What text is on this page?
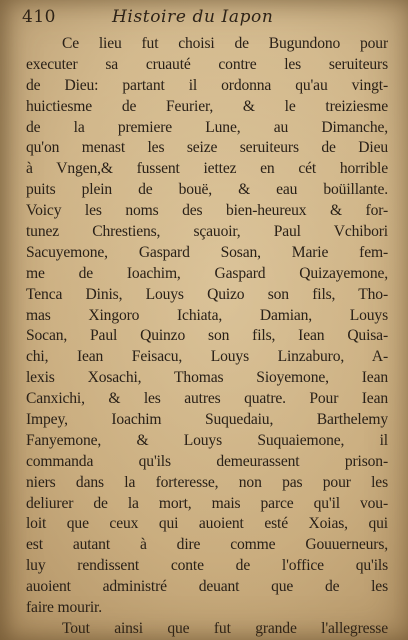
410	Histoire du Iapon
Ce lieu fut choisi de Bugundono pour
executer sa cruauté contre les seruiteurs
de Dieu: partant il ordonna qu'au vingt-
huictiesme de Feurier, & le treiziesme
de la premiere Lune, au Dimanche,
qu'on menast les seize seruiteurs de Dieu
à Vngen,& fussent iettez en cét horrible
puits plein de bouë, & eau boüillante.
Voicy les noms des bien-heureux & for-
tunez Chrestiens, sçauoir, Paul Vchibori
Sacuyemone, Gaspard Sosan, Marie fem-
me de Ioachim, Gaspard Quizayemone,
Tenca Dinis, Louys Quizo son fils, Tho-
mas Xingoro Ichiata, Damian, Louys
Socan, Paul Quinzo son fils, Iean Quisa-
chi, Iean Feisacu, Louys Linzaburo, A-
lexis Xosachi, Thomas Sioyemone, Iean
Canxichi, & les autres quatre. Pour Iean
Impey, Ioachim Suquedaiu, Barthelemy
Fanyemone, & Louys Suquaiemone, il
commanda qu'ils demeurassent prison-
niers dans la forteresse, non pas pour les
deliurer de la mort, mais parce qu'il vou-
loit que ceux qui auoient esté Xoias, qui
est autant à dire comme Gouuerneurs,
luy rendissent conte de l'office qu'ils
auoient administré deuant que de les
faire mourir.
Tout ainsi que fut grande l'allegresse
